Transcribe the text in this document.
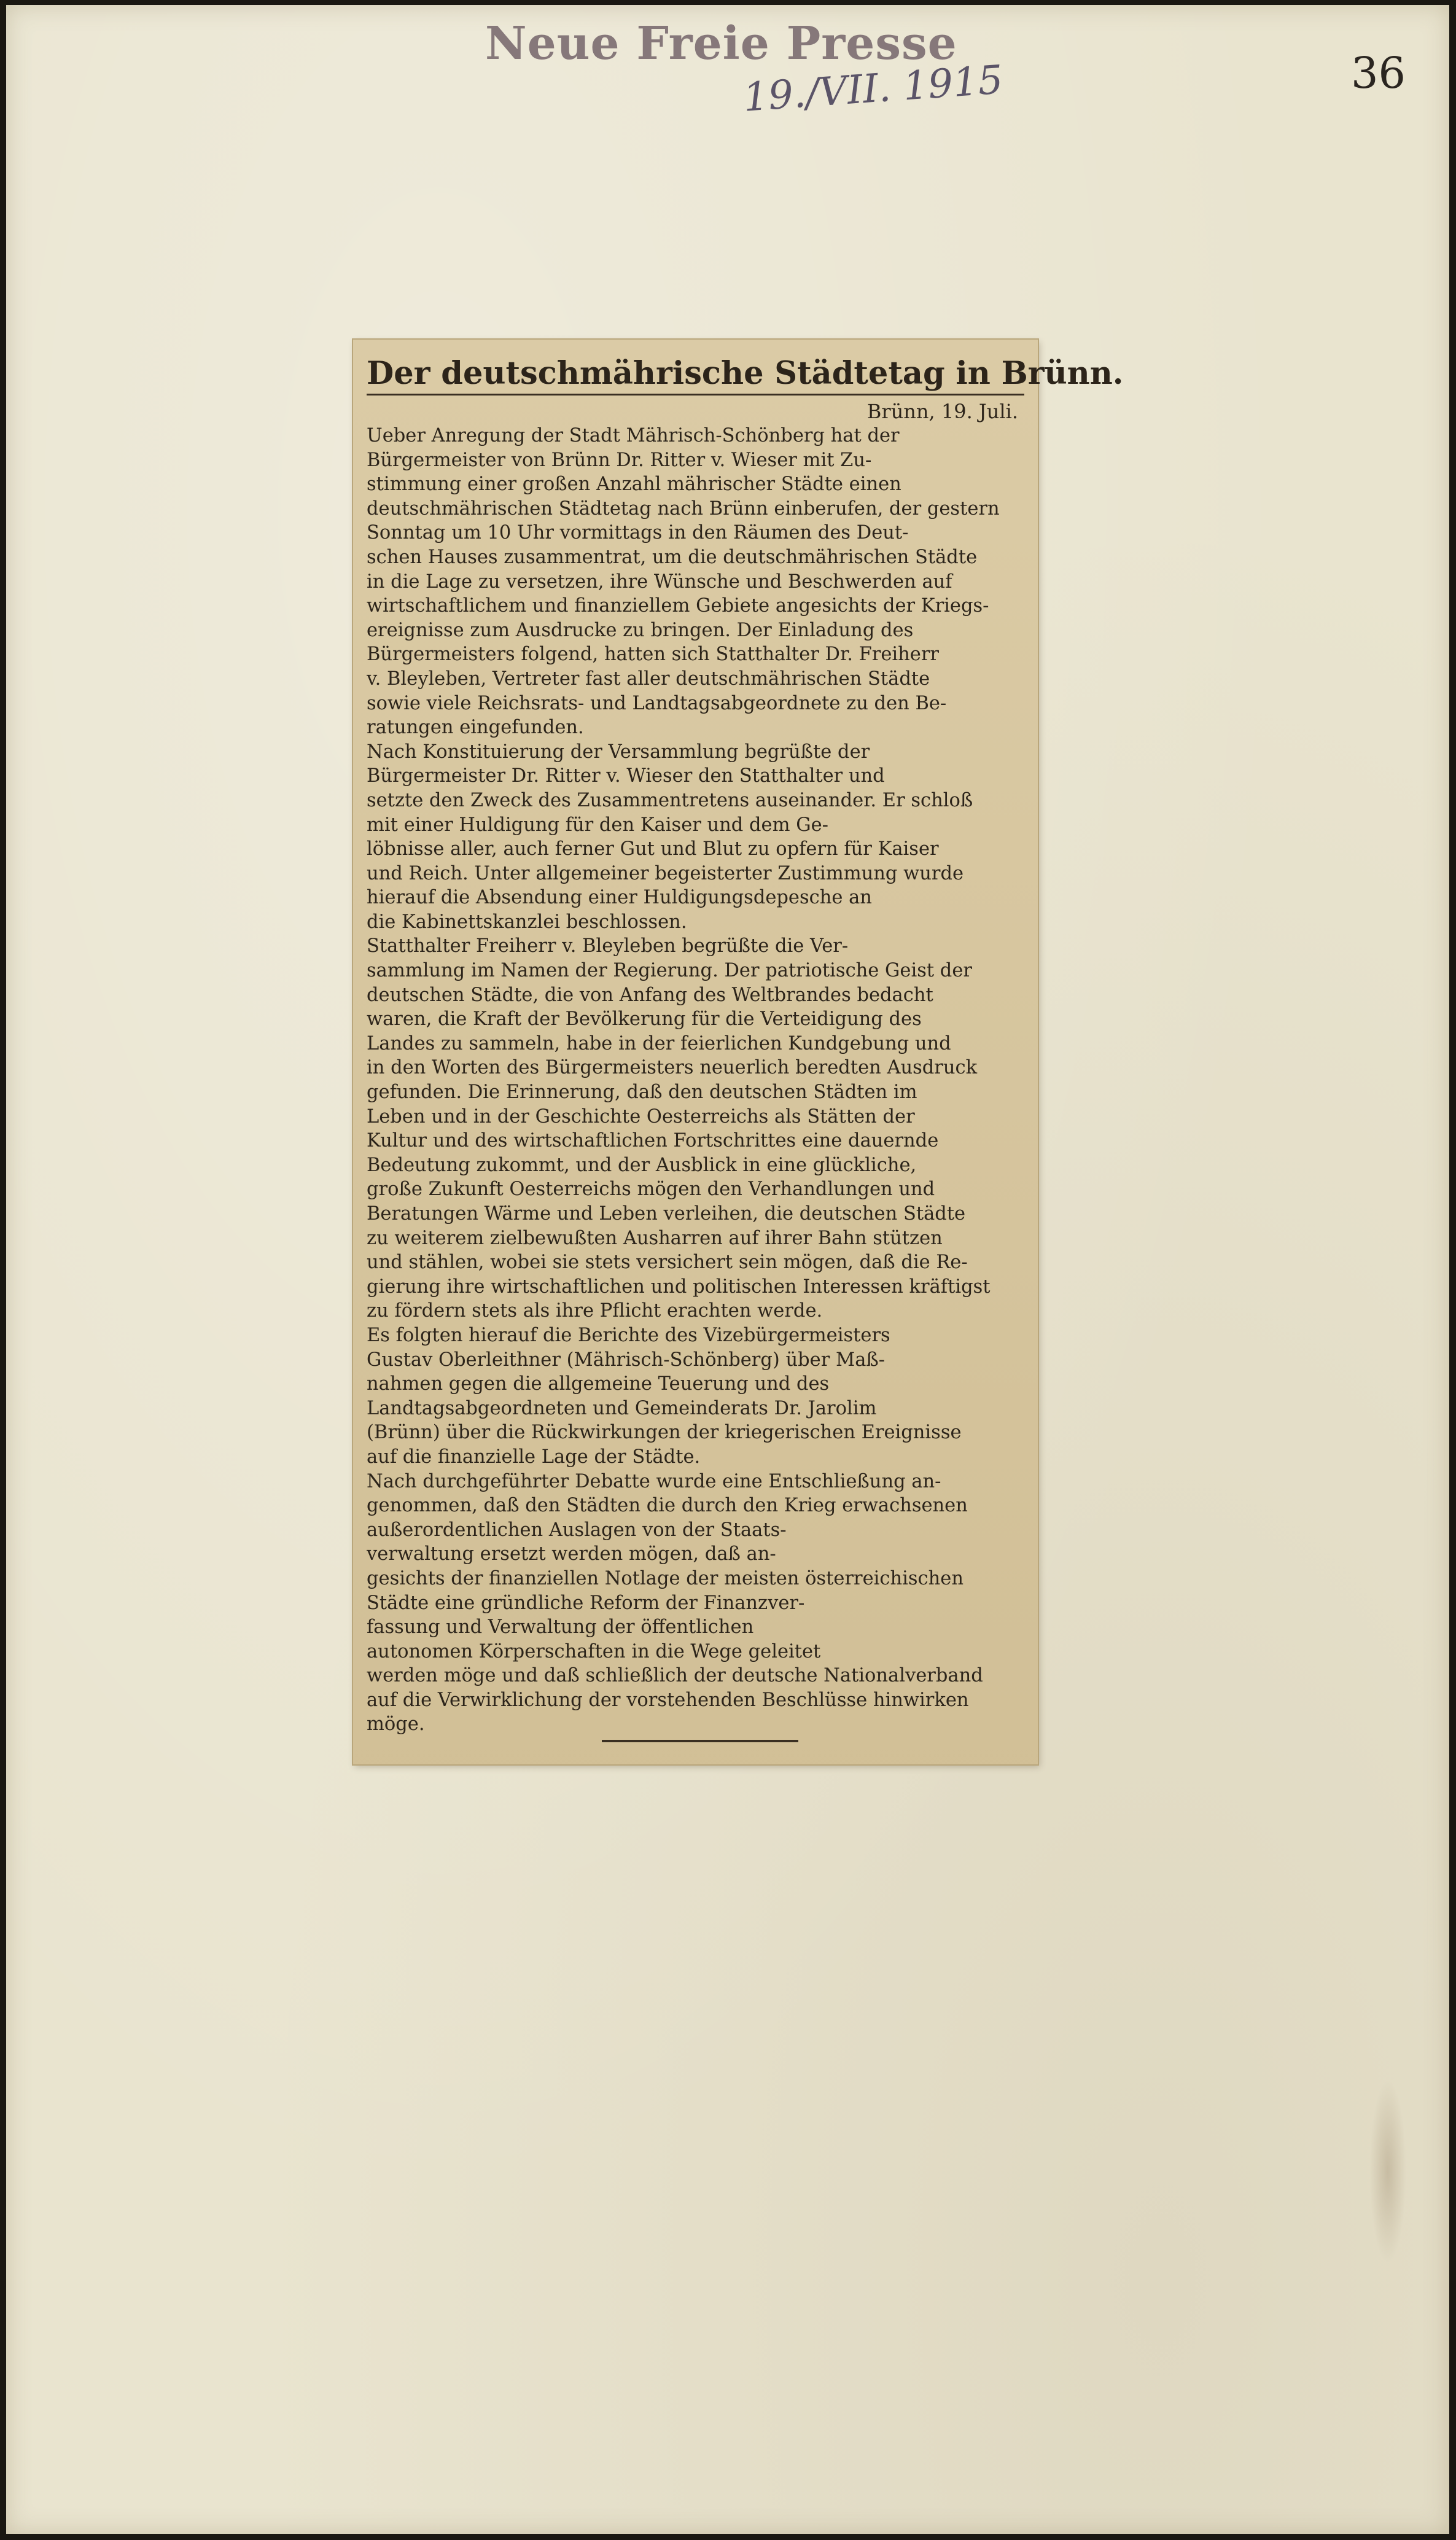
Neue Freie Presse
19./VII. 1915	36
Der deutschmährische Städtetag in Brünn.
Brünn, 19. Juli.
Ueber Anregung der Stadt Mährisch-Schönberg hat der
Bürgermeister von Brünn Dr. Ritter v. Wieser mit Zu-
stimmung einer großen Anzahl mährischer Städte einen
deutschmährischen Städtetag nach Brünn einberufen, der gestern
Sonntag um 10 Uhr vormittags in den Räumen des Deut-
schen Hauses zusammentrat, um die deutschmährischen Städte
in die Lage zu versetzen, ihre Wünsche und Beschwerden auf
wirtschaftlichem und finanziellem Gebiete angesichts der Kriegs-
ereignisse zum Ausdrucke zu bringen. Der Einladung des
Bürgermeisters folgend, hatten sich Statthalter Dr. Freiherr
v. Bleyleben, Vertreter fast aller deutschmährischen Städte
sowie viele Reichsrats- und Landtagsabgeordnete zu den Be-
ratungen eingefunden.
Nach Konstituierung der Versammlung begrüßte der
Bürgermeister Dr. Ritter v. Wieser den Statthalter und
setzte den Zweck des Zusammentretens auseinander. Er schloß
mit einer Huldigung für den Kaiser und dem Ge-
löbnisse aller, auch ferner Gut und Blut zu opfern für Kaiser
und Reich. Unter allgemeiner begeisterter Zustimmung wurde
hierauf die Absendung einer Huldigungsdepesche an
die Kabinettskanzlei beschlossen.
Statthalter Freiherr v. Bleyleben begrüßte die Ver-
sammlung im Namen der Regierung. Der patriotische Geist der
deutschen Städte, die von Anfang des Weltbrandes bedacht
waren, die Kraft der Bevölkerung für die Verteidigung des
Landes zu sammeln, habe in der feierlichen Kundgebung und
in den Worten des Bürgermeisters neuerlich beredten Ausdruck
gefunden. Die Erinnerung, daß den deutschen Städten im
Leben und in der Geschichte Oesterreichs als Stätten der
Kultur und des wirtschaftlichen Fortschrittes eine dauernde
Bedeutung zukommt, und der Ausblick in eine glückliche,
große Zukunft Oesterreichs mögen den Verhandlungen und
Beratungen Wärme und Leben verleihen, die deutschen Städte
zu weiterem zielbewußten Ausharren auf ihrer Bahn stützen
und stählen, wobei sie stets versichert sein mögen, daß die Re-
gierung ihre wirtschaftlichen und politischen Interessen kräftigst
zu fördern stets als ihre Pflicht erachten werde.
Es folgten hierauf die Berichte des Vizebürgermeisters
Gustav Oberleithner (Mährisch-Schönberg) über Maß-
nahmen gegen die allgemeine Teuerung und des
Landtagsabgeordneten und Gemeinderats Dr. Jarolim
(Brünn) über die Rückwirkungen der kriegerischen Ereignisse
auf die finanzielle Lage der Städte.
Nach durchgeführter Debatte wurde eine Entschließung an-
genommen, daß den Städten die durch den Krieg erwachsenen
außerordentlichen Auslagen von der Staats-
verwaltung ersetzt werden mögen, daß an-
gesichts der finanziellen Notlage der meisten österreichischen
Städte eine gründliche Reform der Finanzver-
fassung und Verwaltung der öffentlichen
autonomen Körperschaften in die Wege geleitet
werden möge und daß schließlich der deutsche Nationalverband
auf die Verwirklichung der vorstehenden Beschlüsse hinwirken
möge.
